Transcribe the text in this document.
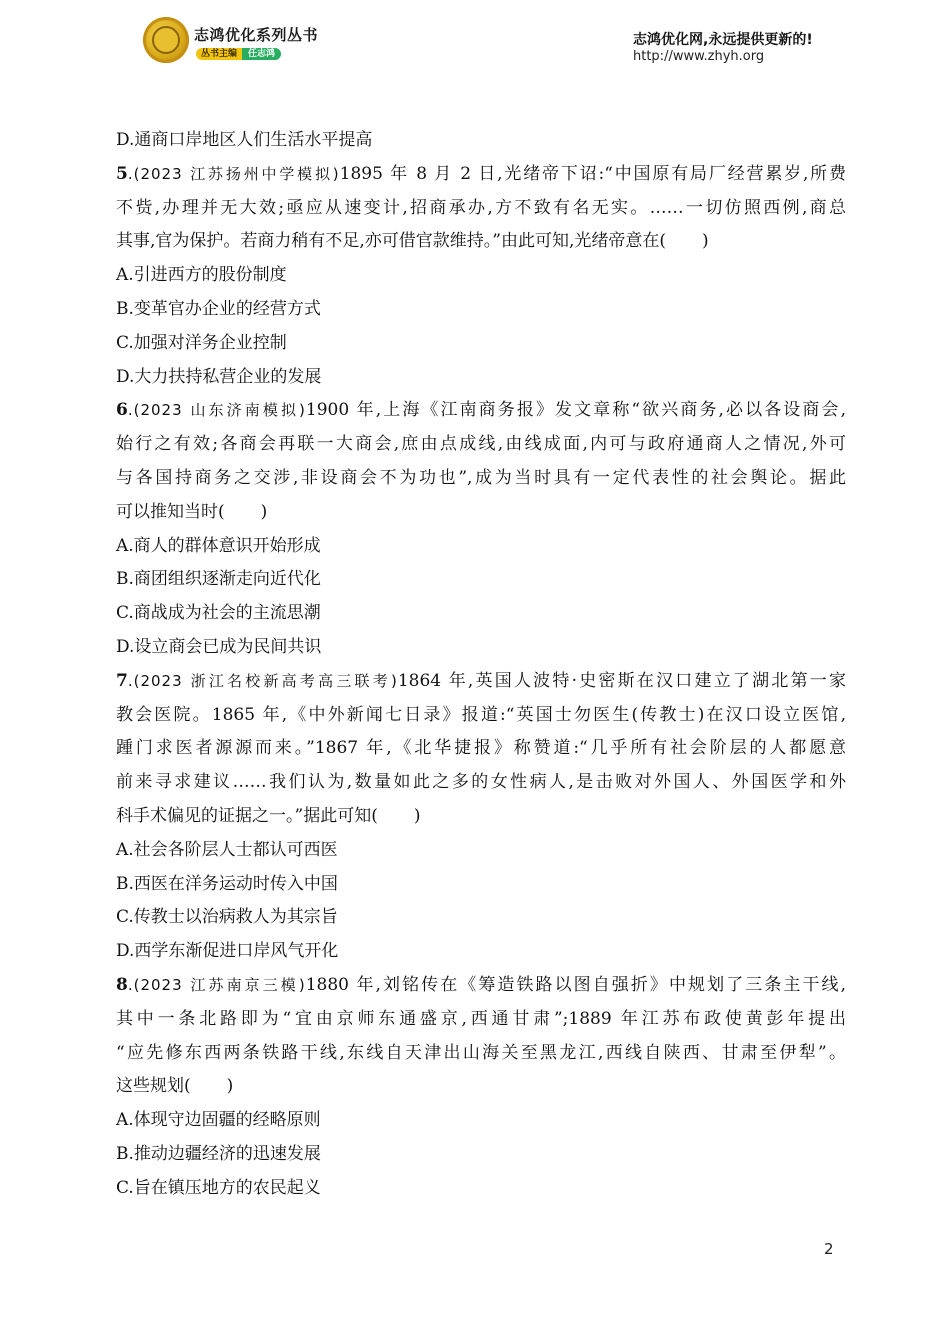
志鸿优化系列丛书
丛书主编	任志鸿
志鸿优化网,永远提供更新的!
http://www.zhyh.org
D.通商口岸地区人们生活水平提高
5.(2023 江苏扬州中学模拟)1895 年 8 月 2 日,光绪帝下诏:“中国原有局厂经营累岁,所费
不赀,办理并无大效;亟应从速变计,招商承办,方不致有名无实。……一切仿照西例,商总
其事,官为保护。若商力稍有不足,亦可借官款维持。”由此可知,光绪帝意在( )
A.引进西方的股份制度
B.变革官办企业的经营方式
C.加强对洋务企业控制
D.大力扶持私营企业的发展
6.(2023 山东济南模拟)1900 年,上海《江南商务报》发文章称“欲兴商务,必以各设商会,
始行之有效;各商会再联一大商会,庶由点成线,由线成面,内可与政府通商人之情况,外可
与各国持商务之交涉,非设商会不为功也”,成为当时具有一定代表性的社会舆论。据此
可以推知当时( )
A.商人的群体意识开始形成
B.商团组织逐渐走向近代化
C.商战成为社会的主流思潮
D.设立商会已成为民间共识
7.(2023 浙江名校新高考高三联考)1864 年,英国人波特·史密斯在汉口建立了湖北第一家
教会医院。1865 年,《中外新闻七日录》报道:“英国士勿医生(传教士)在汉口设立医馆,
踵门求医者源源而来。”1867 年,《北华捷报》称赞道:“几乎所有社会阶层的人都愿意
前来寻求建议……我们认为,数量如此之多的女性病人,是击败对外国人、外国医学和外
科手术偏见的证据之一。”据此可知( )
A.社会各阶层人士都认可西医
B.西医在洋务运动时传入中国
C.传教士以治病救人为其宗旨
D.西学东渐促进口岸风气开化
8.(2023 江苏南京三模)1880 年,刘铭传在《筹造铁路以图自强折》中规划了三条主干线,
其中一条北路即为“宜由京师东通盛京,西通甘肃”;1889 年江苏布政使黄彭年提出
“应先修东西两条铁路干线,东线自天津出山海关至黑龙江,西线自陕西、甘肃至伊犁”。
这些规划( )
A.体现守边固疆的经略原则
B.推动边疆经济的迅速发展
C.旨在镇压地方的农民起义
2
